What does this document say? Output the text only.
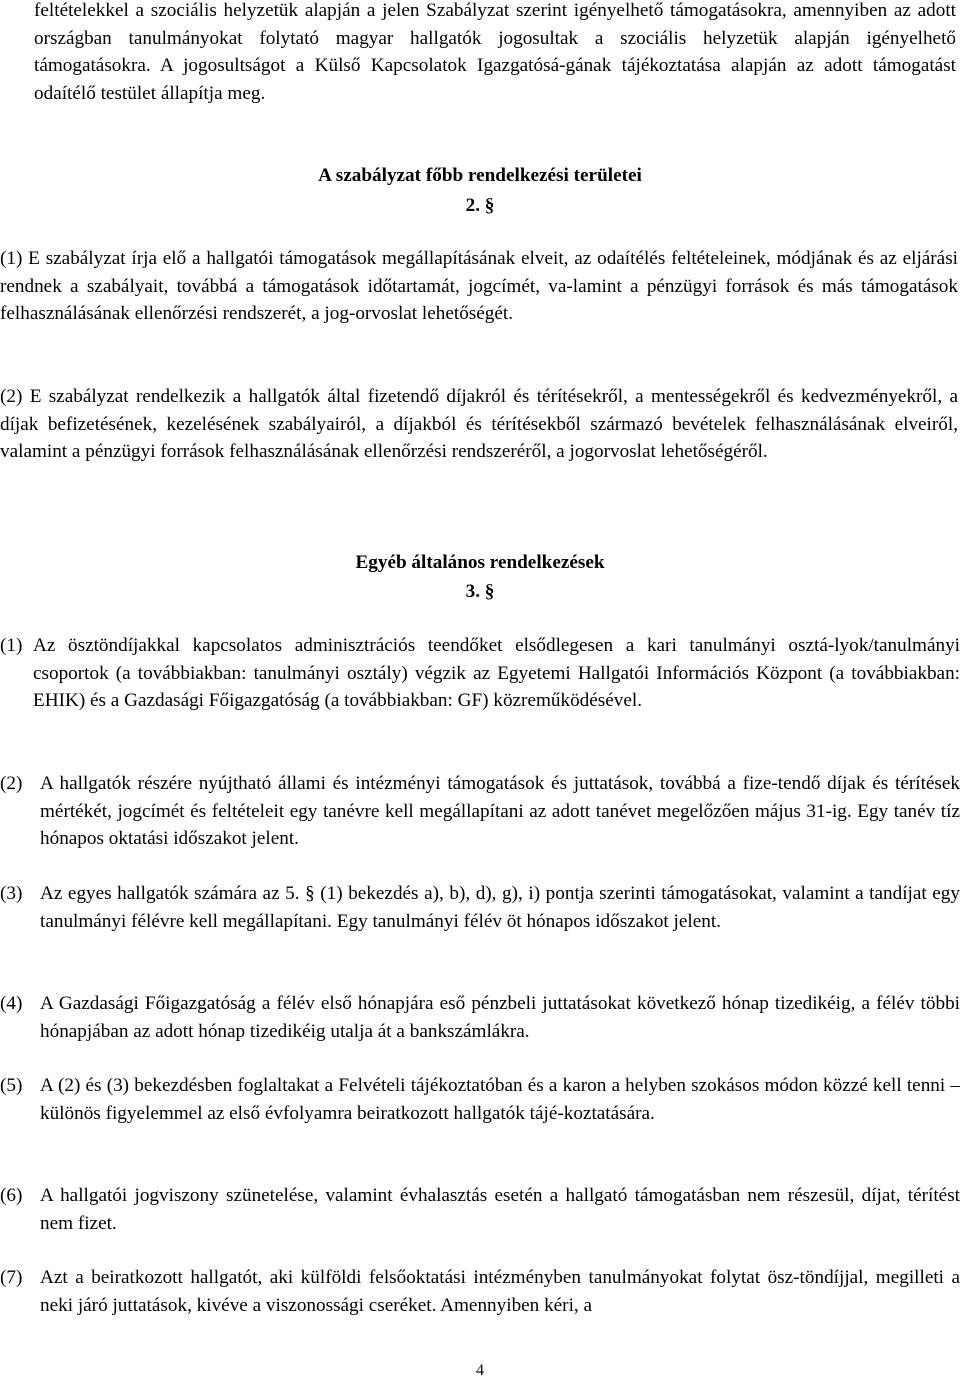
feltételekkel a szociális helyzetük alapján a jelen Szabályzat szerint igényelhető támogatásokra, amennyiben az adott országban tanulmányokat folytató magyar hallgatók jogosultak a szociális helyzetük alapján igényelhető támogatásokra. A jogosultságot a Külső Kapcsolatok Igazgatósá-gának tájékoztatása alapján az adott támogatást odaítélő testület állapítja meg.

A szabályzat főbb rendelkezési területei

2. §

(1) E szabályzat írja elő a hallgatói támogatások megállapításának elveit, az odaítélés feltételeinek, módjának és az eljárási rendnek a szabályait, továbbá a támogatások időtartamát, jogcímét, va-lamint a pénzügyi források és más támogatások felhasználásának ellenőrzési rendszerét, a jog-orvoslat lehetőségét.
(2) E szabályzat rendelkezik a hallgatók által fizetendő díjakról és térítésekről, a mentességekről és kedvezményekről, a díjak befizetésének, kezelésének szabályairól, a díjakból és térítésekből származó bevételek felhasználásának elveiről, valamint a pénzügyi források felhasználásának ellenőrzési rendszeréről, a jogorvoslat lehetőségéről.

Egyéb általános rendelkezések

3. §

(1) Az ösztöndíjakkal kapcsolatos adminisztrációs teendőket elsődlegesen a kari tanulmányi osztá-lyok/tanulmányi csoportok (a továbbiakban: tanulmányi osztály) végzik az Egyetemi Hallgatói Információs Központ (a továbbiakban: EHIK) és a Gazdasági Főigazgatóság (a továbbiakban: GF) közreműködésével.
(2) A hallgatók részére nyújtható állami és intézményi támogatások és juttatások, továbbá a fize-tendő díjak és térítések mértékét, jogcímét és feltételeit egy tanévre kell megállapítani az adott tanévet megelőzően május 31-ig. Egy tanév tíz hónapos oktatási időszakot jelent.
(3) Az egyes hallgatók számára az 5. § (1) bekezdés a), b), d), g), i) pontja szerinti támogatásokat, valamint a tandíjat egy tanulmányi félévre kell megállapítani. Egy tanulmányi félév öt hónapos időszakot jelent.
(4) A Gazdasági Főigazgatóság a félév első hónapjára eső pénzbeli juttatásokat következő hónap tizedikéig, a félév többi hónapjában az adott hónap tizedikéig utalja át a bankszámlákra.
(5) A (2) és (3) bekezdésben foglaltakat a Felvételi tájékoztatóban és a karon a helyben szokásos módon közzé kell tenni – különös figyelemmel az első évfolyamra beiratkozott hallgatók tájé-koztatására.
(6) A hallgatói jogviszony szünetelése, valamint évhalasztás esetén a hallgató támogatásban nem részesül, díjat, térítést nem fizet.
(7) Azt a beiratkozott hallgatót, aki külföldi felsőoktatási intézményben tanulmányokat folytat ösz-töndíjjal, megilleti a neki járó juttatások, kivéve a viszonossági cseréket. Amennyiben kéri, a
4
